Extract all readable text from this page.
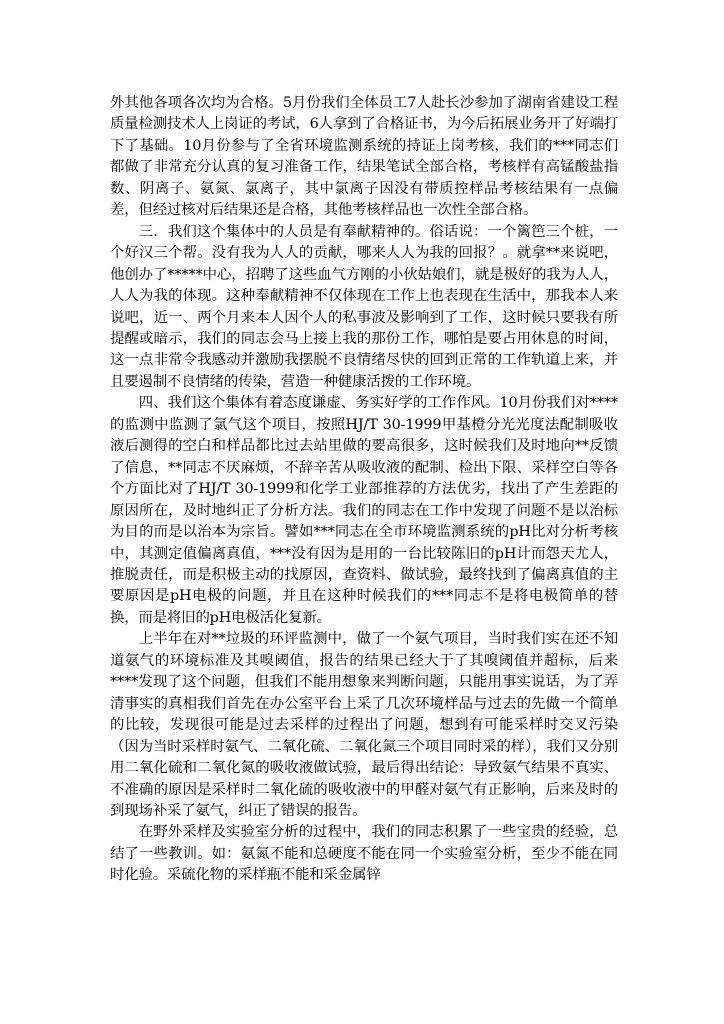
外其他各项各次均为合格。5月份我们全体员工7人赴长沙参加了湖南省建设工程质量检测技术人上岗证的考试，6人拿到了合格证书，为今后拓展业务开了好端打下了基础。10月份参与了全省环境监测系统的持证上岗考核，我们的***同志们都做了非常充分认真的复习准备工作，结果笔试全部合格，考核样有高锰酸盐指数、阴离子、氨氮、氯离子，其中氯离子因没有带质控样品考核结果有一点偏差，但经过核对后结果还是合格，其他考核样品也一次性全部合格。

三．我们这个集体中的人员是有奉献精神的。俗话说：一个篱笆三个桩，一个好汉三个帮。没有我为人人的贡献，哪来人人为我的回报？。就拿**来说吧，他创办了*****中心，招聘了这些血气方刚的小伙姑娘们，就是极好的我为人人，人人为我的体现。这种奉献精神不仅体现在工作上也表现在生活中，那我本人来说吧，近一、两个月来本人因个人的私事波及影响到了工作，这时候只要我有所提醒或暗示，我们的同志会马上接上我的那份工作，哪怕是要占用休息的时间，这一点非常令我感动并激励我摆脱不良情绪尽快的回到正常的工作轨道上来，并且要遏制不良情绪的传染，营造一种健康活拨的工作环境。

四、我们这个集体有着态度谦虚、务实好学的工作作风。10月份我们对****的监测中监测了氯气这个项目，按照HJ/T 30-1999甲基橙分光光度法配制吸收液后测得的空白和样品都比过去站里做的要高很多，这时候我们及时地向**反馈了信息，**同志不厌麻烦，不辞辛苦从吸收液的配制、检出下限、采样空白等各个方面比对了HJ/T 30-1999和化学工业部推荐的方法优劣，找出了产生差距的原因所在，及时地纠正了分析方法。我们的同志在工作中发现了问题不是以治标为目的而是以治本为宗旨。譬如***同志在全市环境监测系统的pH比对分析考核中，其测定值偏离真值，***没有因为是用的一台比较陈旧的pH计而怨天尤人，推脱责任，而是积极主动的找原因，查资料、做试验，最终找到了偏离真值的主要原因是pH电极的问题，并且在这种时候我们的***同志不是将电极简单的替换，而是将旧的pH电极活化复新。

上半年在对**垃圾的环评监测中，做了一个氨气项目，当时我们实在还不知道氨气的环境标准及其嗅阈值，报告的结果已经大于了其嗅阈值并超标，后来****发现了这个问题，但我们不能用想象来判断问题，只能用事实说话，为了弄清事实的真相我们首先在办公室平台上采了几次环境样品与过去的先做一个简单的比较，发现很可能是过去采样的过程出了问题，想到有可能采样时交叉污染（因为当时采样时氨气、二氧化硫、二氧化氮三个项目同时采的样），我们又分别用二氧化硫和二氧化氮的吸收液做试验，最后得出结论：导致氨气结果不真实、不准确的原因是采样时二氧化硫的吸收液中的甲醛对氨气有正影响，后来及时的到现场补采了氨气，纠正了错误的报告。

在野外采样及实验室分析的过程中，我们的同志积累了一些宝贵的经验，总结了一些教训。如：氨氮不能和总硬度不能在同一个实验室分析，至少不能在同时化验。采硫化物的采样瓶不能和采金属锌
